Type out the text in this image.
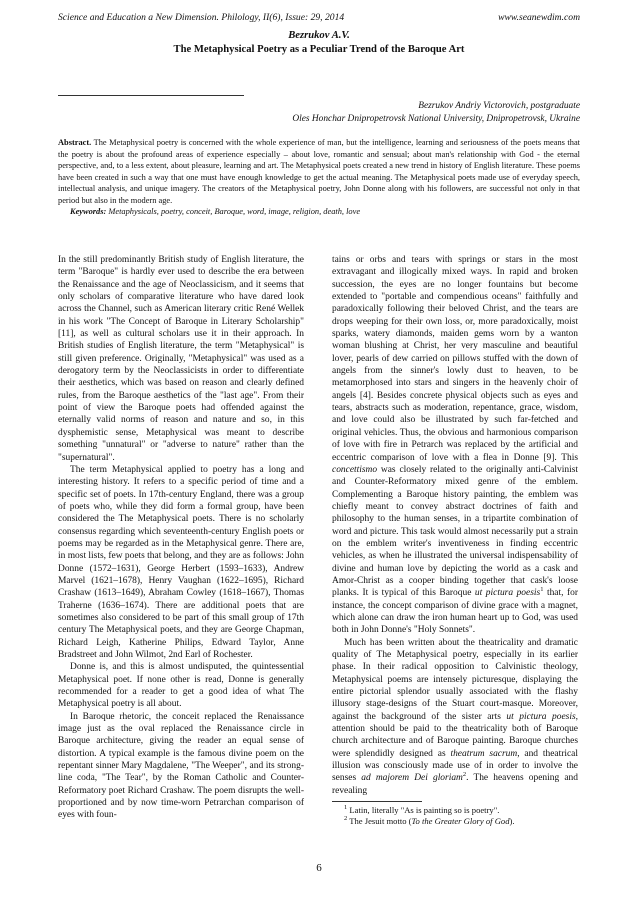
Science and Education a New Dimension. Philology, II(6), Issue: 29, 2014	www.seanewdim.com
Bezrukov A.V.
The Metaphysical Poetry as a Peculiar Trend of the Baroque Art
Bezrukov Andriy Victorovich, postgraduate
Oles Honchar Dnipropetrovsk National University, Dnipropetrovsk, Ukraine
Abstract. The Metaphysical poetry is concerned with the whole experience of man, but the intelligence, learning and seriousness of the poets means that the poetry is about the profound areas of experience especially – about love, romantic and sensual; about man's relationship with God - the eternal perspective, and, to a less extent, about pleasure, learning and art. The Metaphysical poets created a new trend in history of English literature. These poems have been created in such a way that one must have enough knowledge to get the actual meaning. The Metaphysical poets made use of everyday speech, intellectual analysis, and unique imagery. The creators of the Metaphysical poetry, John Donne along with his followers, are successful not only in that period but also in the modern age.
Keywords: Metaphysicals, poetry, conceit, Baroque, word, image, religion, death, love

In the still predominantly British study of English literature, the term "Baroque" is hardly ever used to describe the era between the Renaissance and the age of Neoclassicism, and it seems that only scholars of comparative literature who have dared look across the Channel, such as American literary critic René Wellek in his work "The Concept of Baroque in Literary Scholarship" [11], as well as cultural scholars use it in their approach. In British studies of English literature, the term "Metaphysical" is still given preference. Originally, "Metaphysical" was used as a derogatory term by the Neoclassicists in order to differentiate their aesthetics, which was based on reason and clearly defined rules, from the Baroque aesthetics of the "last age". From their point of view the Baroque poets had offended against the eternally valid norms of reason and nature and so, in this dysphemistic sense, Metaphysical was meant to describe something "unnatural" or "adverse to nature" rather than the "supernatural".

The term Metaphysical applied to poetry has a long and interesting history. It refers to a specific period of time and a specific set of poets. In 17th-century England, there was a group of poets who, while they did form a formal group, have been considered the The Metaphysical poets. There is no scholarly consensus regarding which seventeenth-century English poets or poems may be regarded as in the Metaphysical genre. There are, in most lists, few poets that belong, and they are as follows: John Donne (1572–1631), George Herbert (1593–1633), Andrew Marvel (1621–1678), Henry Vaughan (1622–1695), Richard Crashaw (1613–1649), Abraham Cowley (1618–1667), Thomas Traherne (1636–1674). There are additional poets that are sometimes also considered to be part of this small group of 17th century The Metaphysical poets, and they are George Chapman, Richard Leigh, Katherine Philips, Edward Taylor, Anne Bradstreet and John Wilmot, 2nd Earl of Rochester.

Donne is, and this is almost undisputed, the quintessential Metaphysical poet. If none other is read, Donne is generally recommended for a reader to get a good idea of what The Metaphysical poetry is all about.

In Baroque rhetoric, the conceit replaced the Renaissance image just as the oval replaced the Renaissance circle in Baroque architecture, giving the reader an equal sense of distortion. A typical example is the famous divine poem on the repentant sinner Mary Magdalene, "The Weeper", and its strong-line coda, "The Tear", by the Roman Catholic and Counter-Reformatory poet Richard Crashaw. The poem disrupts the well-proportioned and by now time-worn Petrarchan comparison of eyes with foun-

tains or orbs and tears with springs or stars in the most extravagant and illogically mixed ways. In rapid and broken succession, the eyes are no longer fountains but become extended to "portable and compendious oceans" faithfully and paradoxically following their beloved Christ, and the tears are drops weeping for their own loss, or, more paradoxically, moist sparks, watery diamonds, maiden gems worn by a wanton woman blushing at Christ, her very masculine and beautiful lover, pearls of dew carried on pillows stuffed with the down of angels from the sinner's lowly dust to heaven, to be metamorphosed into stars and singers in the heavenly choir of angels [4]. Besides concrete physical objects such as eyes and tears, abstracts such as moderation, repentance, grace, wisdom, and love could also be illustrated by such far-fetched and original vehicles. Thus, the obvious and harmonious comparison of love with fire in Petrarch was replaced by the artificial and eccentric comparison of love with a flea in Donne [9]. This concettismo was closely related to the originally anti-Calvinist and Counter-Reformatory mixed genre of the emblem. Complementing a Baroque history painting, the emblem was chiefly meant to convey abstract doctrines of faith and philosophy to the human senses, in a tripartite combination of word and picture. This task would almost necessarily put a strain on the emblem writer's inventiveness in finding eccentric vehicles, as when he illustrated the universal indispensability of divine and human love by depicting the world as a cask and Amor-Christ as a cooper binding together that cask's loose planks. It is typical of this Baroque ut pictura poesis$^1$ that, for instance, the concept comparison of divine grace with a magnet, which alone can draw the iron human heart up to God, was used both in John Donne's "Holy Sonnets".

Much has been written about the theatricality and dramatic quality of The Metaphysical poetry, especially in its earlier phase. In their radical opposition to Calvinistic theology, Metaphysical poems are intensely picturesque, displaying the entire pictorial splendor usually associated with the flashy illusory stage-designs of the Stuart court-masque. Moreover, against the background of the sister arts ut pictura poesis, attention should be paid to the theatricality both of Baroque church architecture and of Baroque painting. Baroque churches were splendidly designed as theatrum sacrum, and theatrical illusion was consciously made use of in order to involve the senses ad majorem Dei gloriam$^2$. The heavens opening and revealing

$^1$ Latin, literally "As is painting so is poetry".

$^2$ The Jesuit motto (To the Greater Glory of God).

6
